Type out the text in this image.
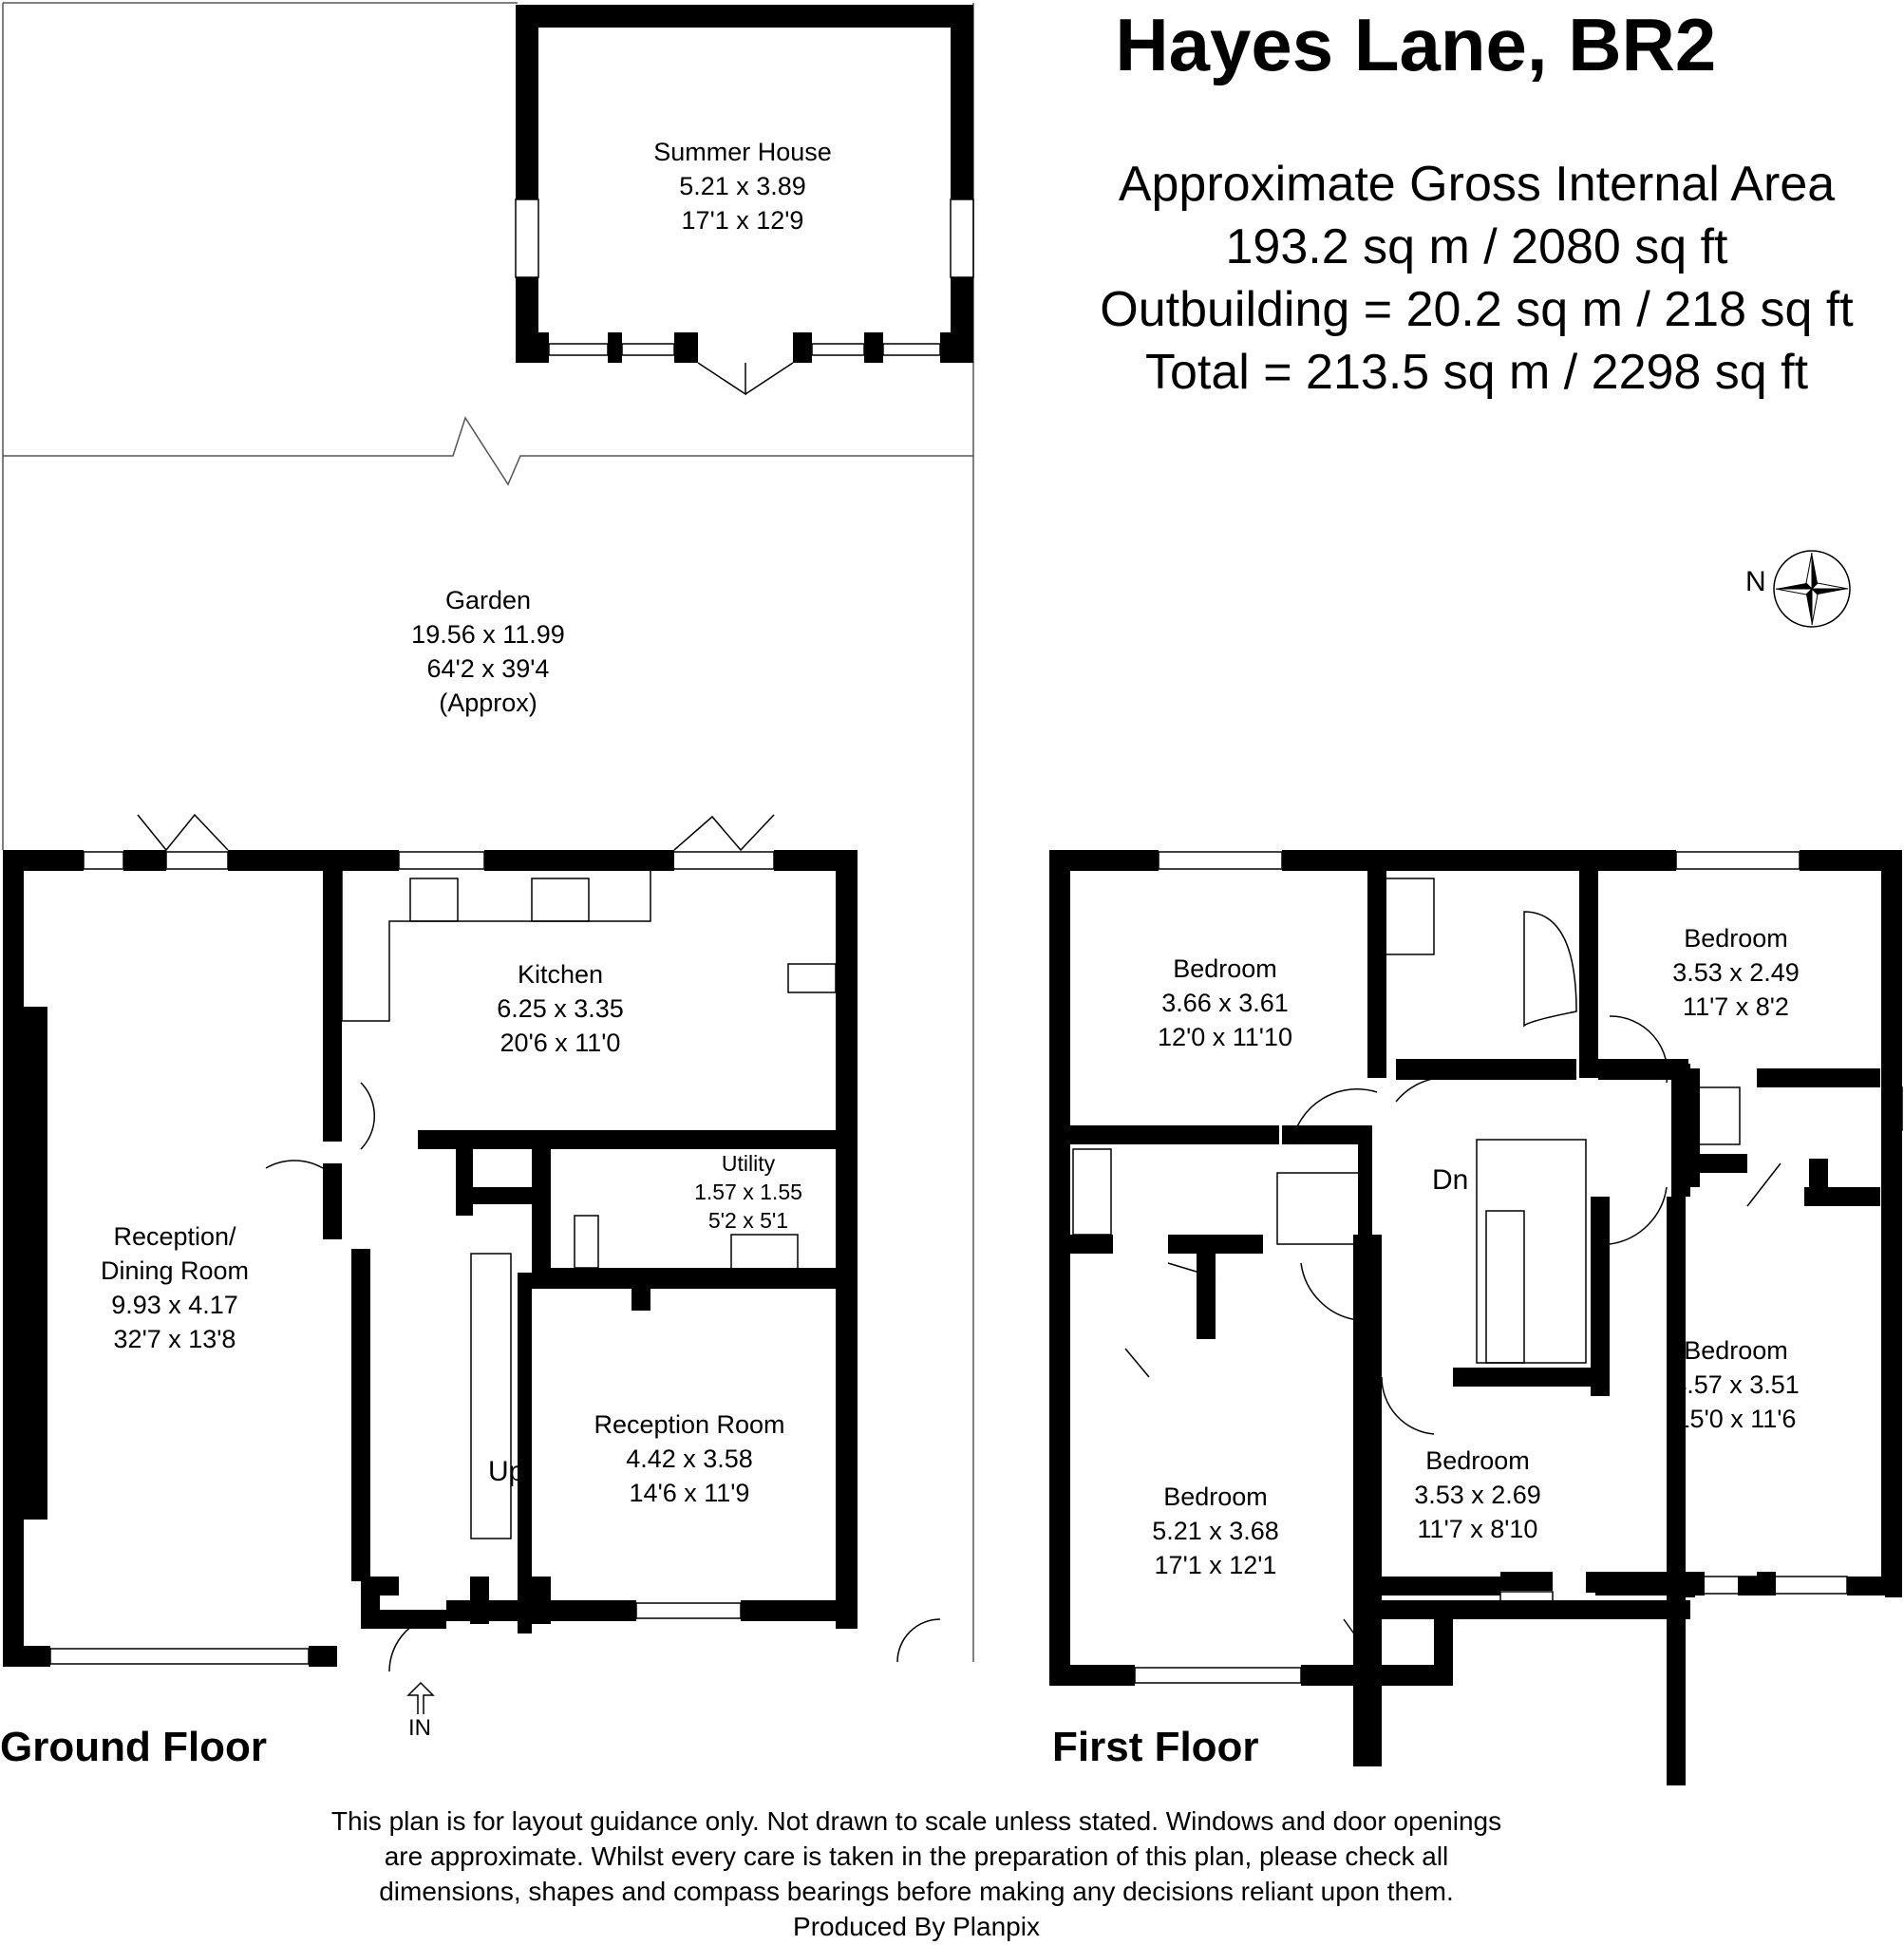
Hayes Lane, BR2
Approximate Gross Internal Area
193.2 sq m / 2080 sq ft
Outbuilding = 20.2 sq m / 218 sq ft
Total = 213.5 sq m / 2298 sq ft
N
Summer House
5.21 x 3.89
17'1 x 12'9
Garden
19.56 x 11.99
64'2 x 39'4
(Approx)
Kitchen
6.25 x 3.35
20'6 x 11'0
Utility
1.57 x 1.55
5'2 x 5'1
Reception/
Dining Room
9.93 x 4.17
32'7 x 13'8
Reception Room
4.42 x 3.58
14'6 x 11'9
Up
IN
Bedroom
3.66 x 3.61
12'0 x 11'10
Bedroom
3.53 x 2.49
11'7 x 8'2
Bedroom
4.57 x 3.51
15'0 x 11'6
Bedroom
3.53 x 2.69
11'7 x 8'10
Bedroom
5.21 x 3.68
17'1 x 12'1
Dn
Ground Floor	First Floor
This plan is for layout guidance only. Not drawn to scale unless stated. Windows and door openings
are approximate. Whilst every care is taken in the preparation of this plan, please check all
dimensions, shapes and compass bearings before making any decisions reliant upon them.
Produced By Planpix
